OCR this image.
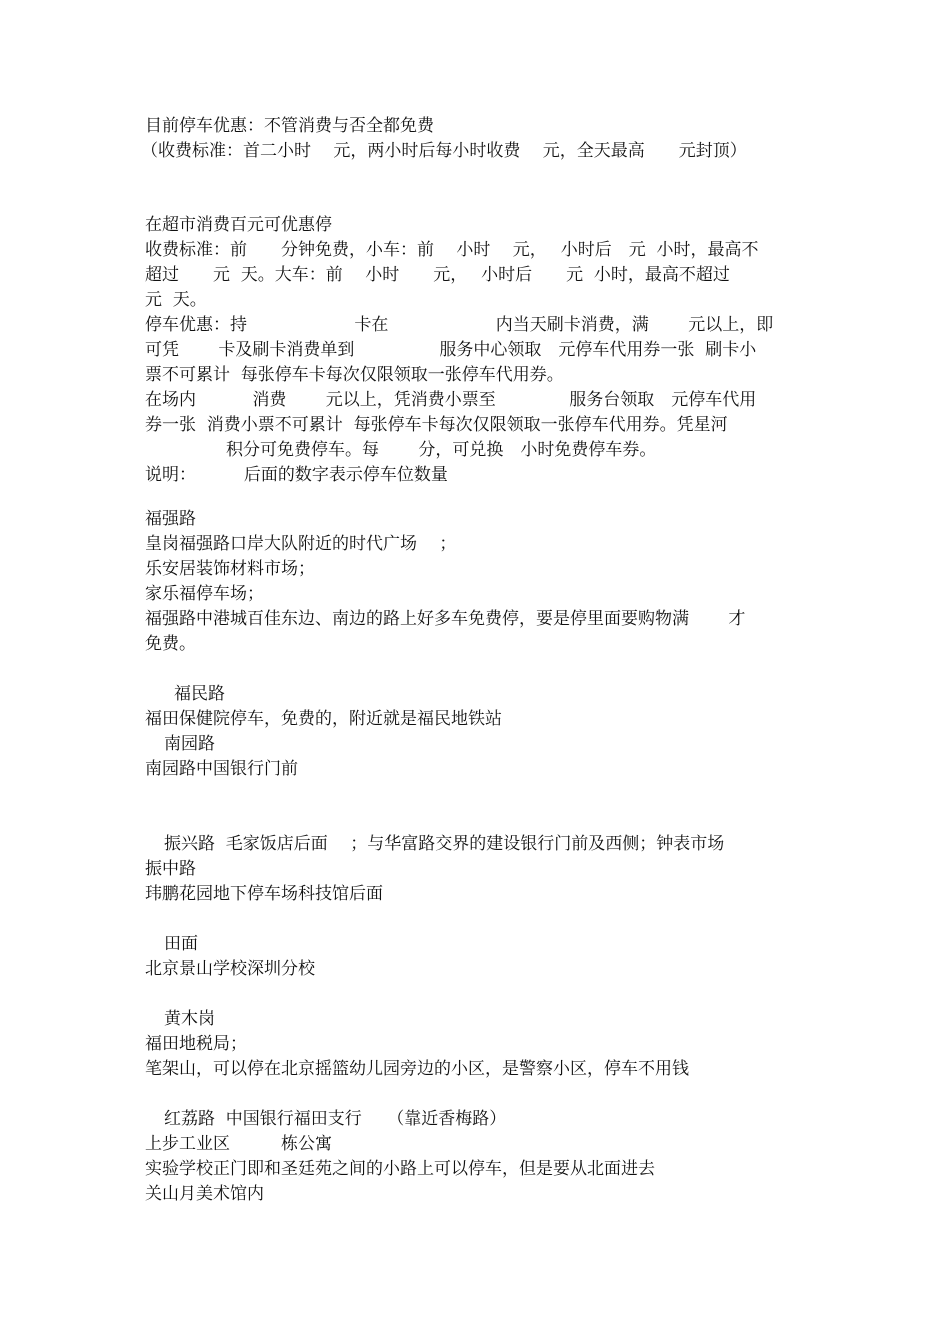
目前停车优惠：不管消费与否全都免费
（收费标准：首二小时　 元，两小时后每小时收费　 元，全天最高　　元封顶）
在超市消费百元可优惠停
收费标准：前　　分钟免费，小车：前　 小时　 元，　 小时后　元  小时，最高不
超过　　元  天。大车：前　 小时　　元，　 小时后　　元  小时，最高不超过
元  天。
停车优惠：持　　　　　　 卡在　　　　　　 内当天刷卡消费，满　　 元以上，即
可凭　　 卡及刷卡消费单到　　　　　服务中心领取　元停车代用券一张  刷卡小
票不可累计  每张停车卡每次仅限领取一张停车代用券。
在场内　　　 消费　　 元以上，凭消费小票至　　　　 服务台领取　元停车代用
券一张  消费小票不可累计  每张停车卡每次仅限领取一张停车代用券。凭星河
积分可免费停车。每　　 分，可兑换　小时免费停车券。
说明：　　　 后面的数字表示停车位数量
福强路
皇岗福强路口岸大队附近的时代广场　 ；
乐安居装饰材料市场；
家乐福停车场；
福强路中港城百佳东边、南边的路上好多车免费停，要是停里面要购物满　　 才
免费。
福民路
福田保健院停车，免费的，附近就是福民地铁站
南园路
南园路中国银行门前
振兴路  毛家饭店后面　 ；与华富路交界的建设银行门前及西侧；钟表市场
振中路
玮鹏花园地下停车场科技馆后面
田面
北京景山学校深圳分校
黄木岗
福田地税局；
笔架山，可以停在北京摇篮幼儿园旁边的小区，是警察小区，停车不用钱
红荔路  中国银行福田支行　　（靠近香梅路）
上步工业区　　　栋公寓
实验学校正门即和圣廷苑之间的小路上可以停车，但是要从北面进去
关山月美术馆内
